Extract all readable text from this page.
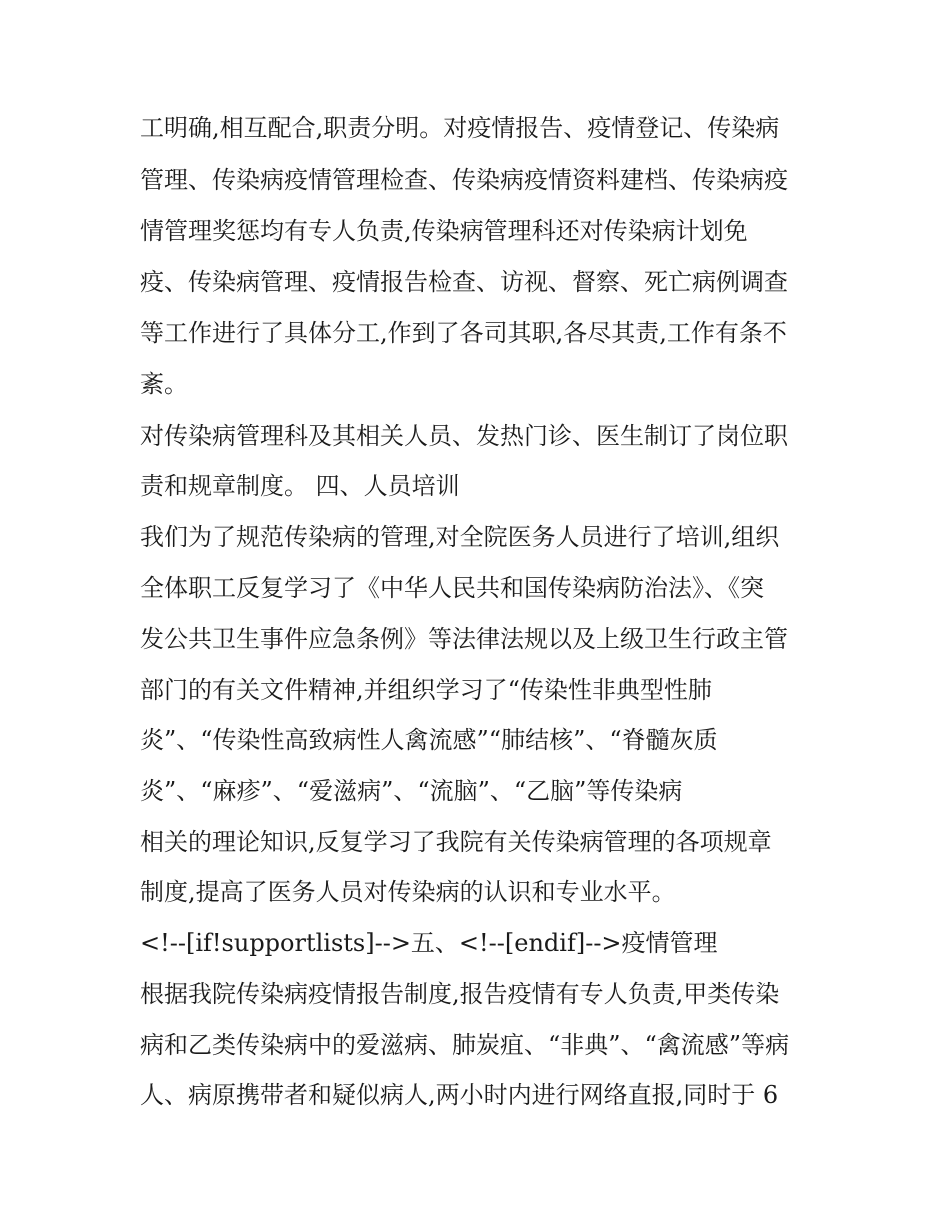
工明确,相互配合,职责分明。对疫情报告、疫情登记、传染病
管理、传染病疫情管理检查、传染病疫情资料建档、传染病疫
情管理奖惩均有专人负责,传染病管理科还对传染病计划免
疫、传染病管理、疫情报告检查、访视、督察、死亡病例调查
等工作进行了具体分工,作到了各司其职,各尽其责,工作有条不
紊。
对传染病管理科及其相关人员、发热门诊、医生制订了岗位职
责和规章制度。 四、人员培训
我们为了规范传染病的管理,对全院医务人员进行了培训,组织
全体职工反复学习了《中华人民共和国传染病防治法》、《突
发公共卫生事件应急条例》等法律法规以及上级卫生行政主管
部门的有关文件精神,并组织学习了“传染性非典型性肺
炎”、“传染性高致病性人禽流感”“肺结核”、“脊髓灰质
炎”、“麻疹”、“爱滋病”、“流脑”、“乙脑”等传染病
相关的理论知识,反复学习了我院有关传染病管理的各项规章
制度,提高了医务人员对传染病的认识和专业水平。
<!--[if!supportlists]-->五、<!--[endif]-->疫情管理
根据我院传染病疫情报告制度,报告疫情有专人负责,甲类传染
病和乙类传染病中的爱滋病、肺炭疽、“非典”、“禽流感”等病
人、病原携带者和疑似病人,两小时内进行网络直报,同时于 6
